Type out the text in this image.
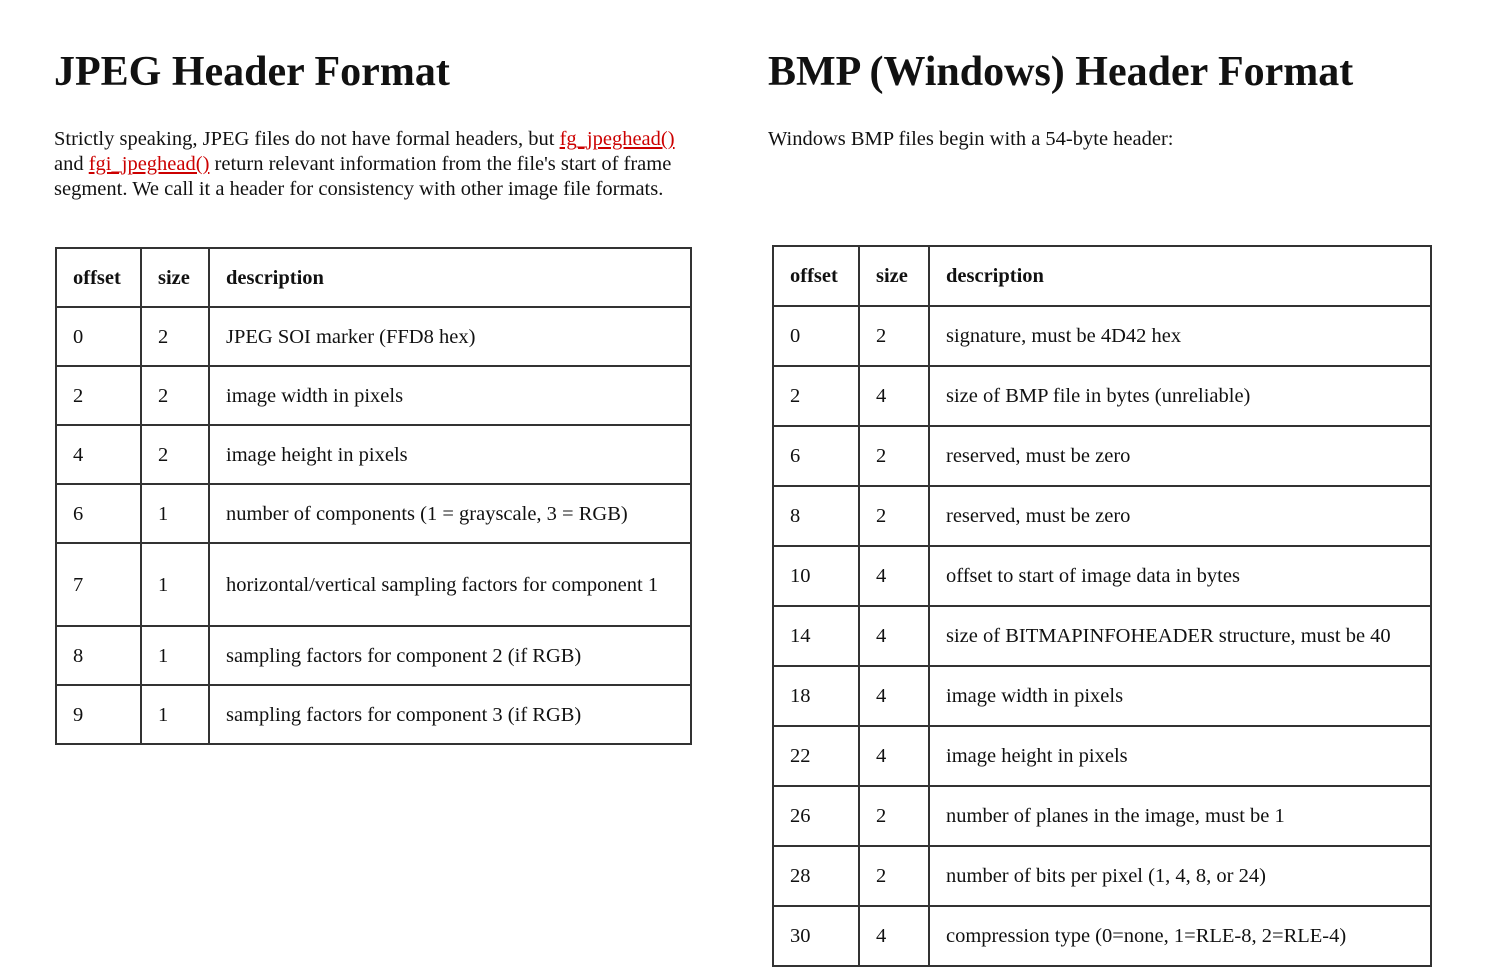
JPEG Header Format

Strictly speaking, JPEG files do not have formal headers, but fg_jpeghead() and fgi_jpeghead() return relevant information from the file's start of frame segment. We call it a header for consistency with other image file formats.

offset	size	description
0	2	JPEG SOI marker (FFD8 hex)
2	2	image width in pixels
4	2	image height in pixels
6	1	number of components (1 = grayscale, 3 = RGB)
7	1	horizontal/vertical sampling factors for component 1
8	1	sampling factors for component 2 (if RGB)
9	1	sampling factors for component 3 (if RGB)
BMP (Windows) Header Format

Windows BMP files begin with a 54-byte header:

offset	size	description
0	2	signature, must be 4D42 hex
2	4	size of BMP file in bytes (unreliable)
6	2	reserved, must be zero
8	2	reserved, must be zero
10	4	offset to start of image data in bytes
14	4	size of BITMAPINFOHEADER structure, must be 40
18	4	image width in pixels
22	4	image height in pixels
26	2	number of planes in the image, must be 1
28	2	number of bits per pixel (1, 4, 8, or 24)
30	4	compression type (0=none, 1=RLE-8, 2=RLE-4)
